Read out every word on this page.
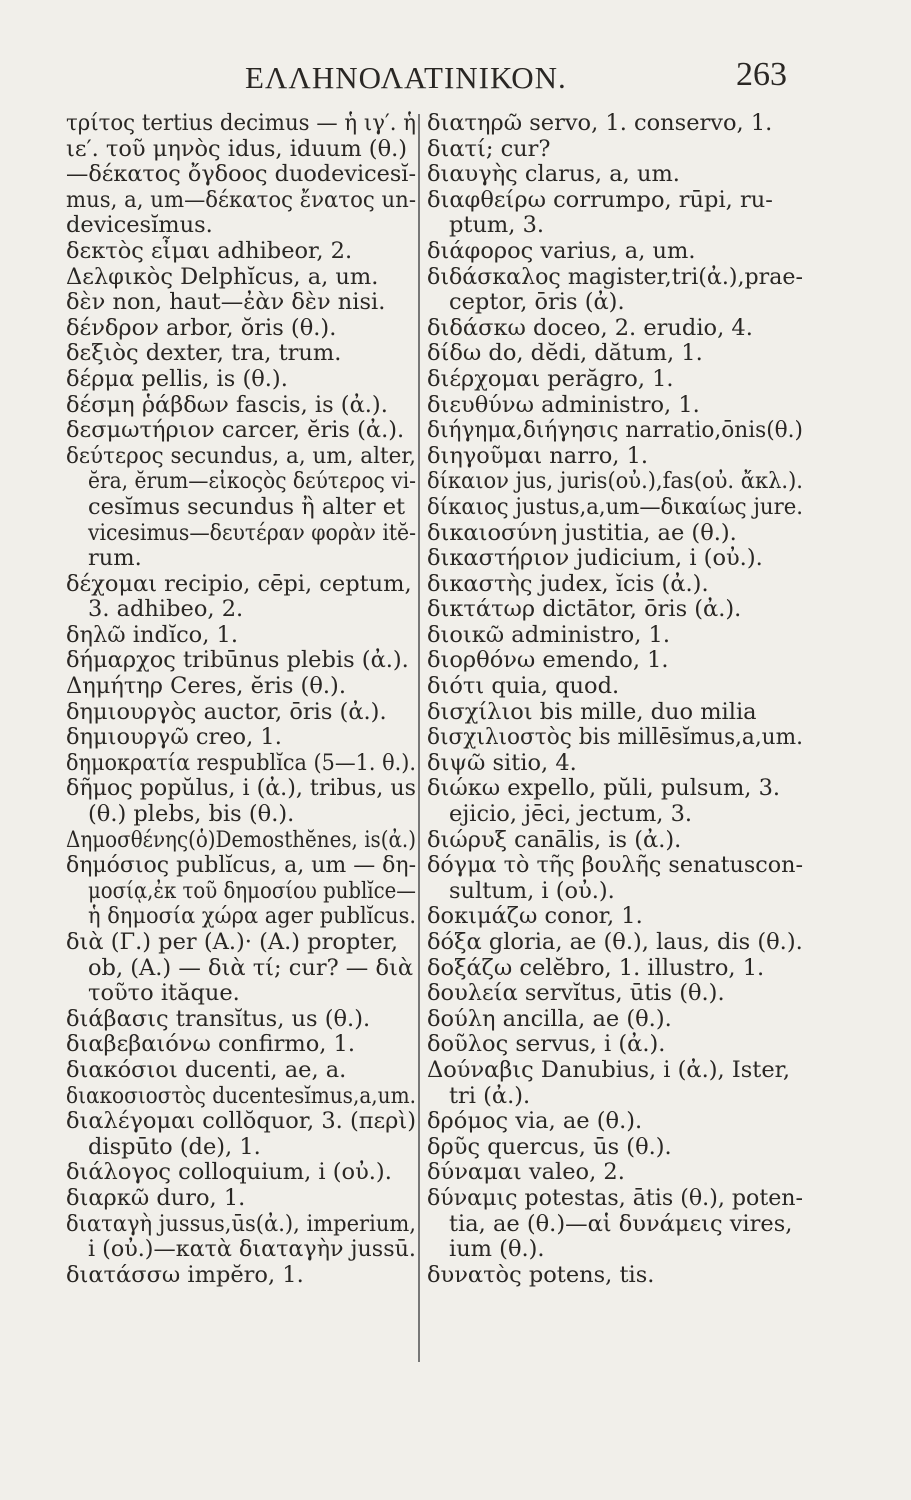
ΕΛΛΗΝΟΛΑΤΙΝΙΚΟΝ.	263
τρίτος tertius decimus — ἡ ιγ′. ἡ
ιε′. τοῦ μηνὸς idus, iduum (θ.)
—δέκατος ὄγδοος duodevicesĭ-
mus, a, um—δέκατος ἔνατος un-
devicesĭmus.
δεκτὸς εἶμαι adhibeor, 2.
Δελφικὸς Delphĭcus, a, um.
δὲν non, haut—ἐὰν δὲν nisi.
δένδρον arbor, ŏris (θ.).
δεξιὸς dexter, tra, trum.
δέρμα pellis, is (θ.).
δέσμη ῥάβδων fascis, is (ἀ.).
δεσμωτήριον carcer, ĕris (ἀ.).
δεύτερος secundus, a, um, alter,
ĕra, ĕrum—εἰκοςὸς δεύτερος vi-
cesĭmus secundus ἢ alter et
vicesimus—δευτέραν φορὰν itĕ-
rum.
δέχομαι recipio, cēpi, ceptum,
3. adhibeo, 2.
δηλῶ indĭco, 1.
δήμαρχος tribūnus plebis (ἀ.).
Δημήτηρ Ceres, ĕris (θ.).
δημιουργὸς auctor, ōris (ἀ.).
δημιουργῶ creo, 1.
δημοκρατία respublĭca (5—1. θ.).
δῆμος popŭlus, i (ἀ.), tribus, us
(θ.) plebs, bis (θ.).
Δημοσθένης(ὁ)Demosthĕnes, is(ἀ.)
δημόσιος publĭcus, a, um — δη-
μοσίᾳ,ἐκ τοῦ δημοσίου publĭce—
ἡ δημοσία χώρα ager publĭcus.
διὰ (Γ.) per (Α.)· (Α.) propter,
ob, (Α.) — διὰ τί; cur? — διὰ
τοῦτο ităque.
διάβασις transĭtus, us (θ.).
διαβεβαιόνω confirmo, 1.
διακόσιοι ducenti, ae, a.
διακοσιοστὸς ducentesĭmus,a,um.
διαλέγομαι collŏquor, 3. (περὶ)
dispūto (de), 1.
διάλογος colloquium, i (οὐ.).
διαρκῶ duro, 1.
διαταγὴ jussus,ūs(ἀ.), imperium,
i (οὐ.)—κατὰ διαταγὴν jussū.
διατάσσω impĕro, 1.
διατηρῶ servo, 1. conservo, 1.
διατί; cur?
διαυγὴς clarus, a, um.
διαφθείρω corrumpo, rūpi, ru-
ptum, 3.
διάφορος varius, a, um.
διδάσκαλος magister,tri(ἀ.),prae-
ceptor, ōris (ἀ).
διδάσκω doceo, 2. erudio, 4.
δίδω do, dĕdi, dătum, 1.
διέρχομαι perăgro, 1.
διευθύνω administro, 1.
διήγημα,διήγησις narratio,ōnis(θ.)
διηγοῦμαι narro, 1.
δίκαιον jus, juris(οὐ.),fas(οὐ. ἄκλ.).
δίκαιος justus,a,um—δικαίως jure.
δικαιοσύνη justitia, ae (θ.).
δικαστήριον judicium, i (οὐ.).
δικαστὴς judex, ĭcis (ἀ.).
δικτάτωρ dictātor, ōris (ἀ.).
διοικῶ administro, 1.
διορθόνω emendo, 1.
διότι quia, quod.
δισχίλιοι bis mille, duo milia
δισχιλιοστὸς bis millēsĭmus,a,um.
διψῶ sitio, 4.
διώκω expello, pŭli, pulsum, 3.
ejicio, jēci, jectum, 3.
διώρυξ canālis, is (ἀ.).
δόγμα τὸ τῆς βουλῆς senatuscon-
sultum, i (οὐ.).
δοκιμάζω conor, 1.
δόξα gloria, ae (θ.), laus, dis (θ.).
δοξάζω celĕbro, 1. illustro, 1.
δουλεία servĭtus, ūtis (θ.).
δούλη ancilla, ae (θ.).
δοῦλος servus, i (ἀ.).
Δούναβις Danubius, i (ἀ.), Ister,
tri (ἀ.).
δρόμος via, ae (θ.).
δρῦς quercus, ūs (θ.).
δύναμαι valeo, 2.
δύναμις potestas, ātis (θ.), poten-
tia, ae (θ.)—αἱ δυνάμεις vires,
ium (θ.).
δυνατὸς potens, tis.
